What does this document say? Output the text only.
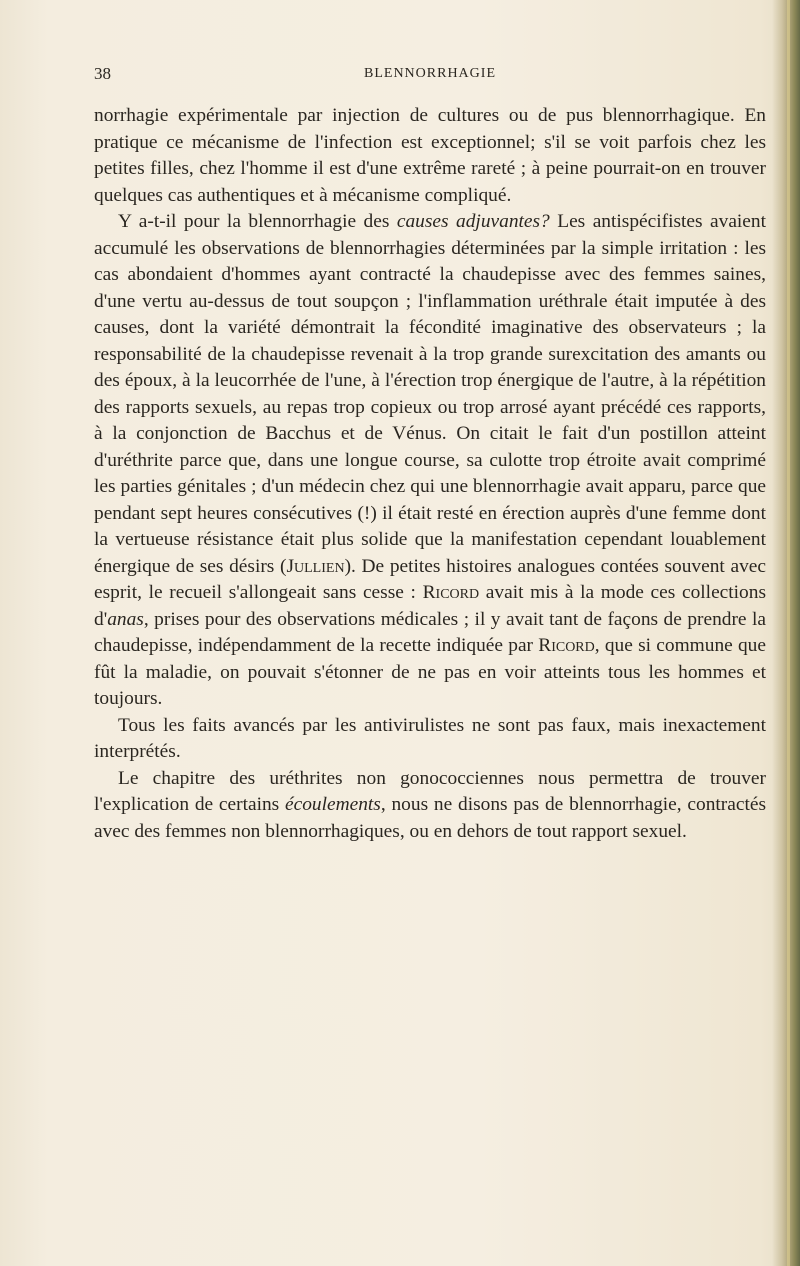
38	BLENNORRHAGIE

norrhagie expérimentale par injection de cultures ou de pus blennorrhagique. En pratique ce mécanisme de l'infection est exceptionnel; s'il se voit parfois chez les petites filles, chez l'homme il est d'une extrême rareté ; à peine pourrait-on en trouver quelques cas authentiques et à mécanisme compliqué.

Y a-t-il pour la blennorrhagie des causes adjuvantes? Les antispécifistes avaient accumulé les observations de blennorrhagies déterminées par la simple irritation : les cas abondaient d'hommes ayant contracté la chaudepisse avec des femmes saines, d'une vertu au-dessus de tout soupçon ; l'inflammation uréthrale était imputée à des causes, dont la variété démontrait la fécondité imaginative des observateurs ; la responsabilité de la chaudepisse revenait à la trop grande surexcitation des amants ou des époux, à la leucorrhée de l'une, à l'érection trop énergique de l'autre, à la répétition des rapports sexuels, au repas trop copieux ou trop arrosé ayant précédé ces rapports, à la conjonction de Bacchus et de Vénus. On citait le fait d'un postillon atteint d'uréthrite parce que, dans une longue course, sa culotte trop étroite avait comprimé les parties génitales ; d'un médecin chez qui une blennorrhagie avait apparu, parce que pendant sept heures consécutives (!) il était resté en érection auprès d'une femme dont la vertueuse résistance était plus solide que la manifestation cependant louablement énergique de ses désirs (Jullien). De petites histoires analogues contées souvent avec esprit, le recueil s'allongeait sans cesse : Ricord avait mis à la mode ces collections d'anas, prises pour des observations médicales ; il y avait tant de façons de prendre la chaudepisse, indépendamment de la recette indiquée par Ricord, que si commune que fût la maladie, on pouvait s'étonner de ne pas en voir atteints tous les hommes et toujours.

Tous les faits avancés par les antivirulistes ne sont pas faux, mais inexactement interprétés.

Le chapitre des uréthrites non gonococciennes nous permettra de trouver l'explication de certains écoulements, nous ne disons pas de blennorrhagie, contractés avec des femmes non blennorrhagiques, ou en dehors de tout rapport sexuel.
